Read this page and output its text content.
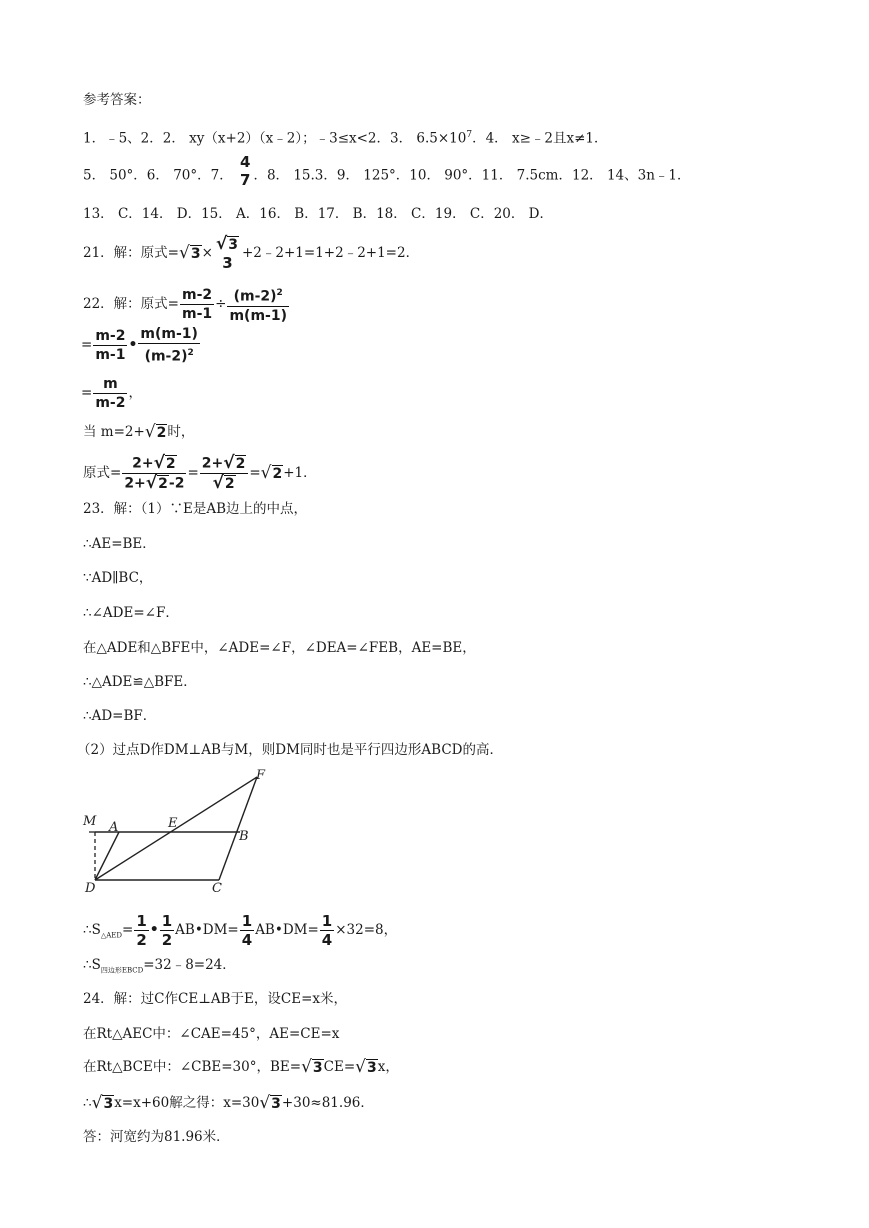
参考答案：
1．﹣5、2．2． xy（x+2）（x﹣2）；﹣3≤x<2．3． $6.5\times 10^7$．4． x≥﹣2且x≠1．
5． 50°．6． 70°．7．
4
7 ．8． 15.3．9． 125°．10． 90°．11． 7.5cm．12． 14、3n﹣1．
13． C．14． D．15． A．16． B．17． B．18． C．19． C．20． D．
21．解：原式=√3× √3
3
+2﹣2+1=1+2﹣2+1=2．
22．解：原式= $\frac{m-2}{m-1} \div \frac{(m-2)^2}{m(m-1)}$
= $\frac{m-2}{m-1}$ • $\frac{m(m-1)}{(m-2)^2}$
= $\frac{m}{m-2}$ ，
当 m=2+√2时，
原式= $\frac{2+√2}{2+√2-2} = \frac{2+√2}{√2} =√2+1$．
23．解：（1）∵E是AB边上的中点，
∴AE=BE．
∵AD∥BC，
∴∠ADE=∠F．
在△ADE和△BFE中，∠ADE=∠F，∠DEA=∠FEB，AE=BE，
∴△ADE≌△BFE．
∴AD=BF．
（2）过点D作DM⊥AB与M，则DM同时也是平行四边形ABCD的高．
M A	E
B
F
D	C
$\therefore S_{\triangle AED}= \frac{1}{2}$ • $\frac{1}{2}$ AB•DM= $\frac{1}{4}$ AB•DM= $\frac{1}{4} \times 32=8$，
$\therefore S_{四边形EBCD}=32﹣8=24$．
24．解：过C作CE⊥AB于E，设CE=x米，
在Rt△AEC中：∠CAE=45°，AE=CE=x
在Rt△BCE中：∠CBE=30°，BE=√3CE=√3x，
∴√3x=x+60解之得：x=30√3+30≈81.96．
答：河宽约为81.96米．
